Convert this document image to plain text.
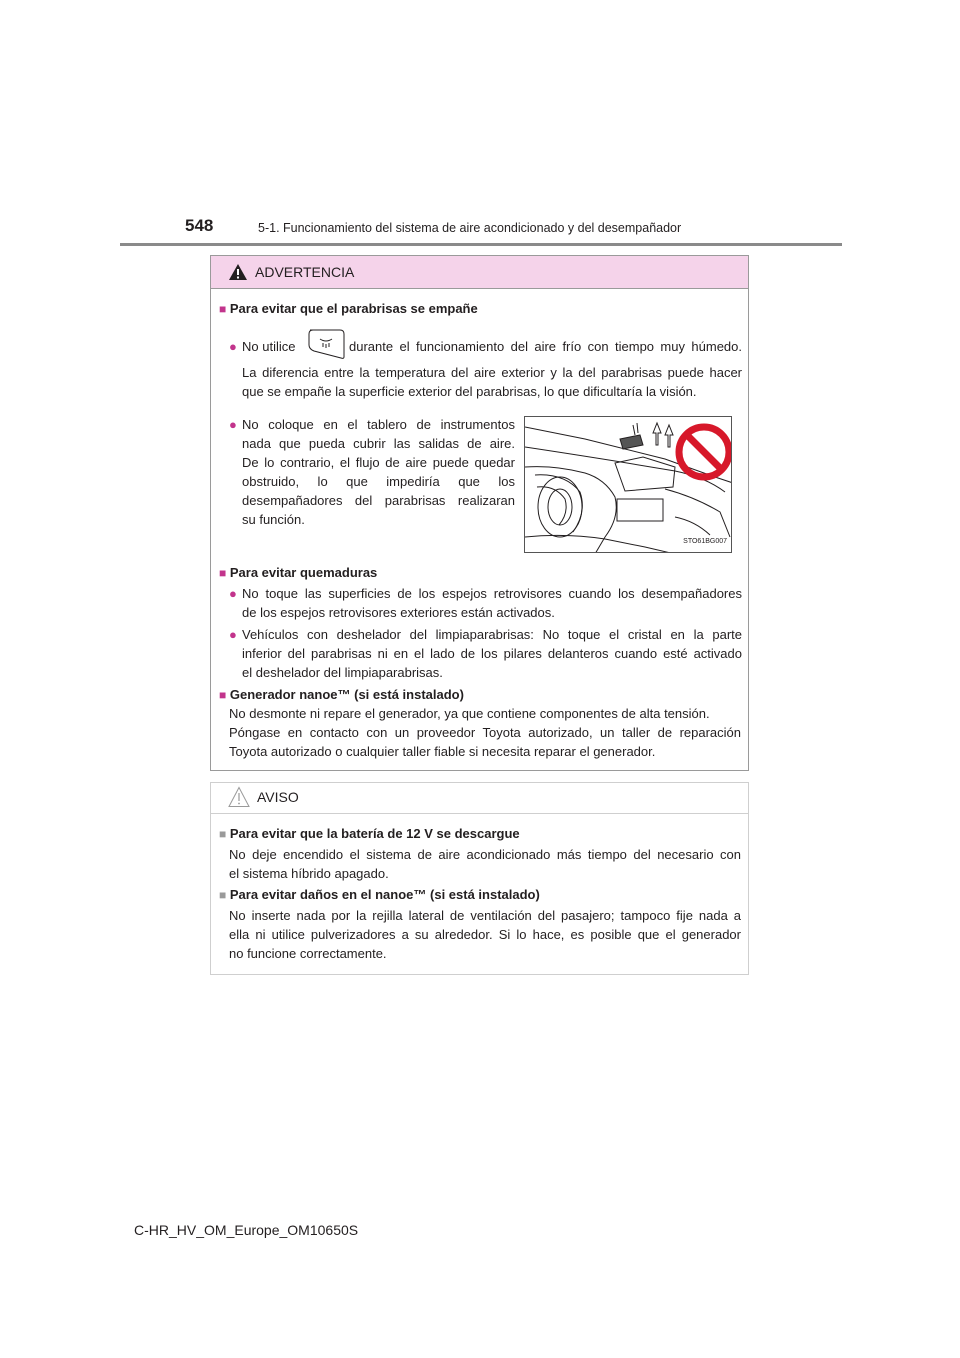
548	5-1. Funcionamiento del sistema de aire acondicionado y del desempañador
ADVERTENCIA
■ Para evitar que el parabrisas se empañe
● No utilice	durante el funcionamiento del aire frío con tiempo muy húmedo.
La diferencia entre la temperatura del aire exterior y la del parabrisas puede hacer
que se empañe la superficie exterior del parabrisas, lo que dificultaría la visión.
● No coloque en el tablero de instrumentos
nada que pueda cubrir las salidas de aire.
De lo contrario, el flujo de aire puede quedar
obstruido, lo que impediría que los
desempañadores del parabrisas realizaran
su función.
STO61BG007
■ Para evitar quemaduras
● No toque las superficies de los espejos retrovisores cuando los desempañadores
de los espejos retrovisores exteriores están activados.
● Vehículos con deshelador del limpiaparabrisas: No toque el cristal en la parte
inferior del parabrisas ni en el lado de los pilares delanteros cuando esté activado
el deshelador del limpiaparabrisas.
■ Generador nanoe™ (si está instalado)
No desmonte ni repare el generador, ya que contiene componentes de alta tensión.
Póngase en contacto con un proveedor Toyota autorizado, un taller de reparación
Toyota autorizado o cualquier taller fiable si necesita reparar el generador.
AVISO
■ Para evitar que la batería de 12 V se descargue
No deje encendido el sistema de aire acondicionado más tiempo del necesario con
el sistema híbrido apagado.
■ Para evitar daños en el nanoe™ (si está instalado)
No inserte nada por la rejilla lateral de ventilación del pasajero; tampoco fije nada a
ella ni utilice pulverizadores a su alrededor. Si lo hace, es posible que el generador
no funcione correctamente.
C-HR_HV_OM_Europe_OM10650S
